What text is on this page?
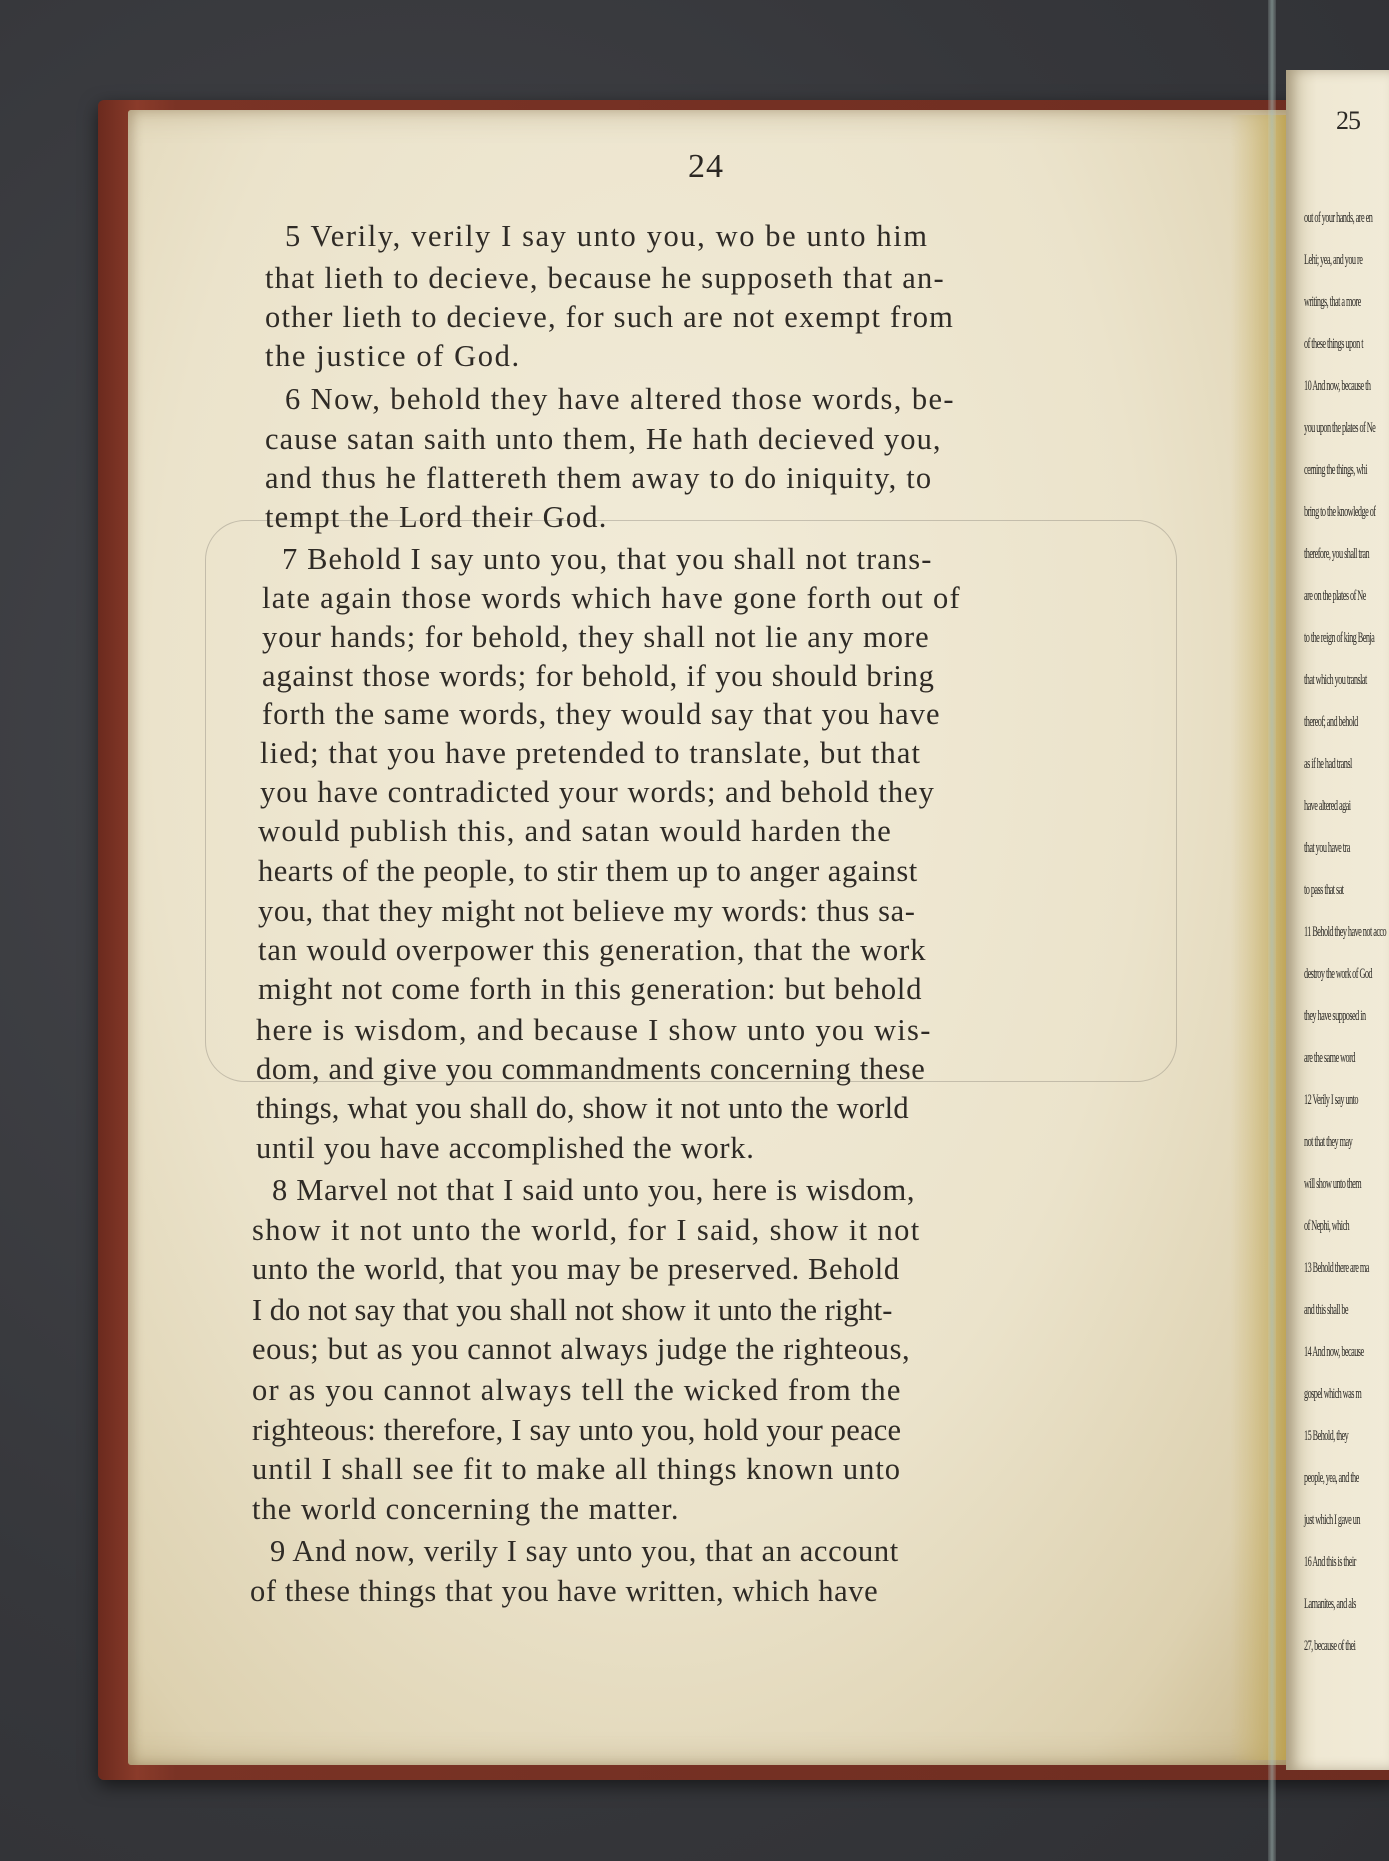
24
5 Verily, verily I say unto you, wo be unto him
that lieth to decieve, because he supposeth that an-
other lieth to decieve, for such are not exempt from
the justice of God.
6 Now, behold they have altered those words, be-
cause satan saith unto them, He hath decieved you,
and thus he flattereth them away to do iniquity, to
tempt the Lord their God.
7 Behold I say unto you, that you shall not trans-
late again those words which have gone forth out of
your hands; for behold, they shall not lie any more
against those words; for behold, if you should bring
forth the same words, they would say that you have
lied; that you have pretended to translate, but that
you have contradicted your words; and behold they
would publish this, and satan would harden the
hearts of the people, to stir them up to anger against
you, that they might not believe my words: thus sa-
tan would overpower this generation, that the work
might not come forth in this generation: but behold
here is wisdom, and because I show unto you wis-
dom, and give you commandments concerning these
things, what you shall do, show it not unto the world
until you have accomplished the work.
8 Marvel not that I said unto you, here is wisdom,
show it not unto the world, for I said, show it not
unto the world, that you may be preserved. Behold
I do not say that you shall not show it unto the right-
eous; but as you cannot always judge the righteous,
or as you cannot always tell the wicked from the
righteous: therefore, I say unto you, hold your peace
until I shall see fit to make all things known unto
the world concerning the matter.
9 And now, verily I say unto you, that an account
of these things that you have written, which have
25
out of your hands, are en
Lehi; yea, and you re
writings, that a more
of these things upon t
10 And now, because th
you upon the plates of Ne
cerning the things, whi
bring to the knowledge of
therefore, you shall tran
are on the plates of Ne
to the reign of king Benja
that which you translat
thereof; and behold
as if he had transl
have altered agai
that you have tra
to pass that sat
11 Behold they have not acco
destroy the work of God
they have supposed in
are the same word
12 Verily I say unto
not that they may
will show unto them
of Nephi, which
13 Behold there are ma
and this shall be
14 And now, because
gospel which was m
15 Behold, they
people, yea, and the
just which I gave un
16 And this is their
Lamanites, and als
27, because of thei
